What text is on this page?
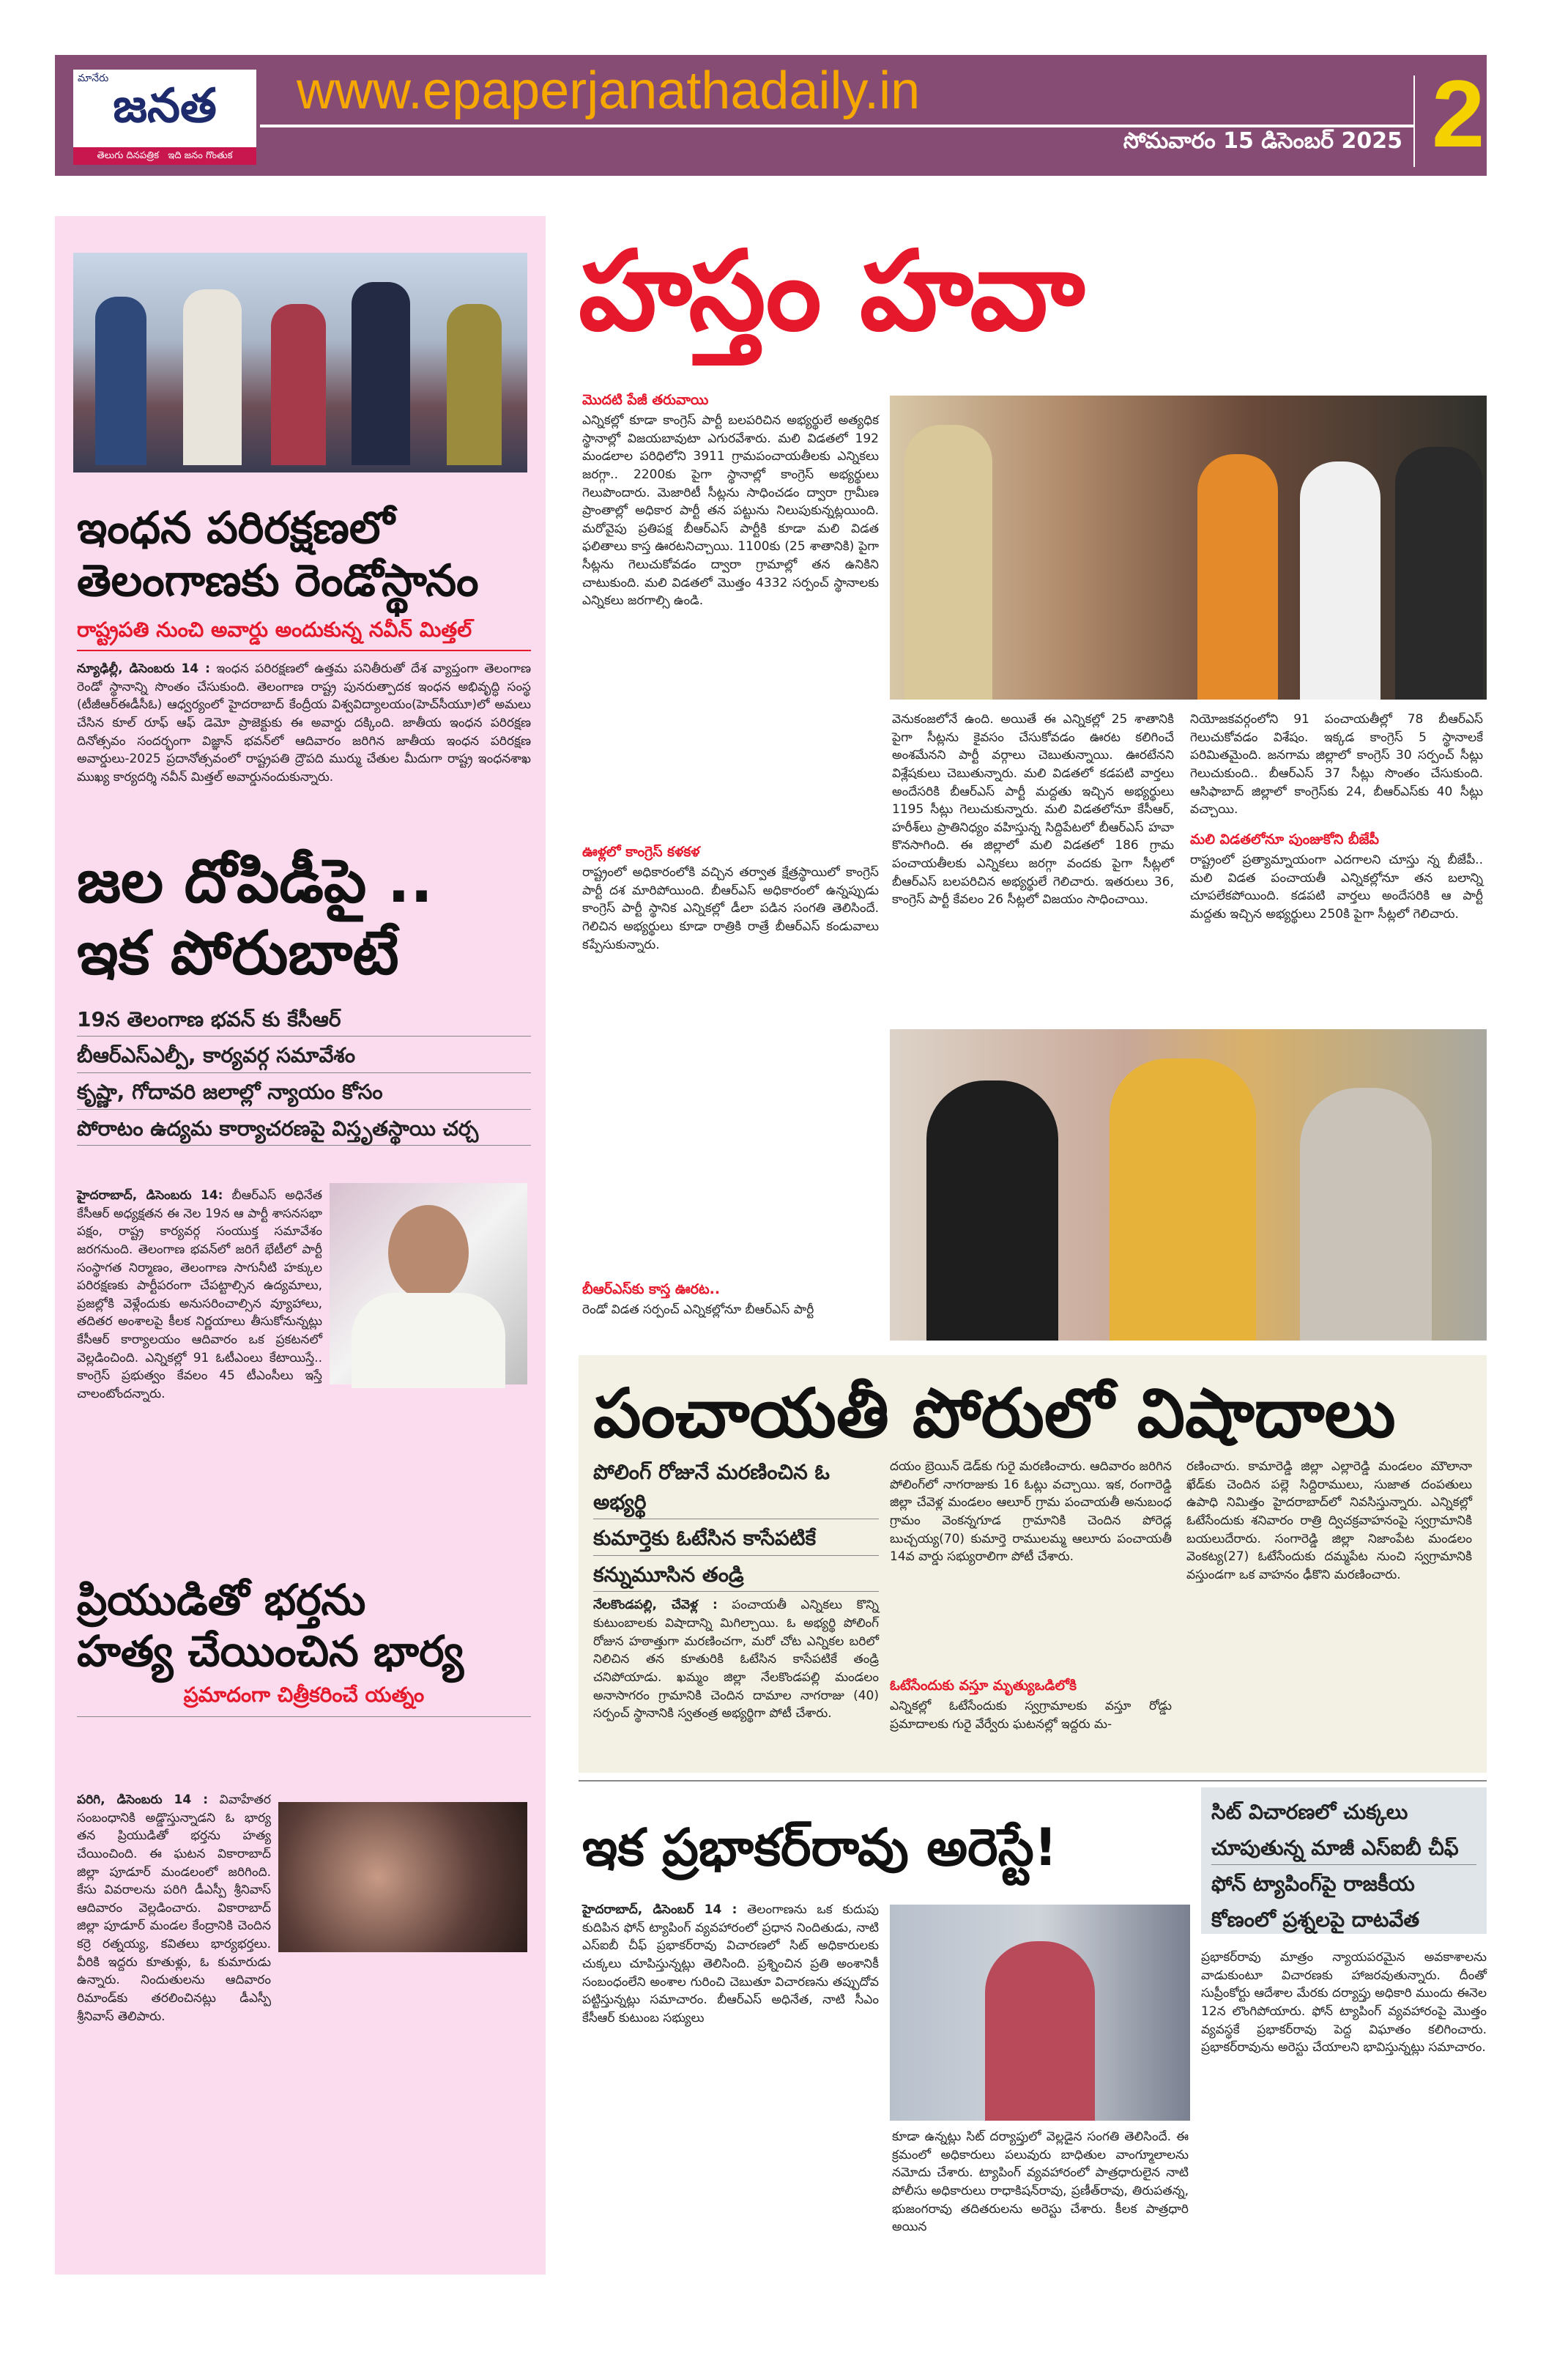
మానేరు
జనత
తెలుగు దినపత్రిక ఇది జనం గొంతుక
www.epaperjanathadaily.in
సోమవారం 15 డిసెంబర్ 2025 2
ఇంధన పరిరక్షణలో
తెలంగాణకు రెండోస్థానం
రాష్ట్రపతి నుంచి అవార్డు అందుకున్న నవీన్ మిత్తల్
న్యూఢిల్లీ, డిసెంబరు 14 : ఇంధన పరిరక్షణలో ఉత్తమ పనితీరుతో దేశ వ్యాప్తంగా తెలంగాణ రెండో స్థానాన్ని సొంతం చేసుకుంది. తెలంగాణ రాష్ట్ర పునరుత్పాదక ఇంధన అభివృద్ధి సంస్థ (టీజీఆర్ఈడీసీఓ) ఆధ్వర్యంలో హైదరాబాద్ కేంద్రీయ విశ్వవిద్యాలయం(హెచ్‌సీయూ)లో అమలు చేసిన కూల్ రూఫ్ ఆఫ్ డెమో ప్రాజెక్టుకు ఈ అవార్డు దక్కింది. జాతీయ ఇంధన పరిరక్షణ దినోత్సవం సందర్భంగా విజ్ఞాన్ భవన్‌లో ఆదివారం జరిగిన జాతీయ ఇంధన పరిరక్షణ అవార్డులు-2025 ప్రదానోత్సవంలో రాష్ట్రపతి ద్రౌపది ముర్ము చేతుల మీదుగా రాష్ట్ర ఇంధనశాఖ ముఖ్య కార్యదర్శి నవీన్ మిత్తల్ అవార్డునందుకున్నారు.
జల దోపిడీపై ..
ఇక పోరుబాటే
19న తెలంగాణ భవన్ కు కేసీఆర్
బీఆర్‌ఎస్‌ఎల్పీ, కార్యవర్గ సమావేశం
కృష్ణా, గోదావరి జలాల్లో న్యాయం కోసం
పోరాటం ఉద్యమ కార్యాచరణపై విస్తృతస్థాయి చర్చ
హైదరాబాద్, డిసెంబరు 14: బీఆర్‌ఎస్ అధినేత కేసీఆర్ అధ్యక్షతన ఈ నెల 19న ఆ పార్టీ శాసనసభా పక్షం, రాష్ట్ర కార్యవర్గ సంయుక్త సమావేశం జరగనుంది. తెలంగాణ భవన్‌లో జరిగే భేటీలో పార్టీ సంస్థాగత నిర్మాణం, తెలంగాణ సాగునీటి హక్కుల పరిరక్షణకు పార్టీపరంగా చేపట్టాల్సిన ఉద్యమాలు, ప్రజల్లోకి వెళ్లేందుకు అనుసరించాల్సిన వ్యూహాలు, తదితర అంశాలపై కీలక నిర్ణయాలు తీసుకోనున్నట్లు కేసీఆర్ కార్యాలయం ఆదివారం ఒక ప్రకటనలో వెల్లడించింది. ఎన్నికల్లో 91 ఓటీఎంలు కేటాయిస్తే.. కాంగ్రెస్ ప్రభుత్వం కేవలం 45 టీఎంసీలు ఇస్తే చాలంటోందన్నారు.
ప్రియుడితో భర్తను
హత్య చేయించిన భార్య
ప్రమాదంగా చిత్రీకరించే యత్నం
పరిగి, డిసెంబరు 14 : వివాహేతర సంబంధానికి అడ్డొస్తున్నాడని ఓ భార్య తన ప్రియుడితో భర్తను హత్య చేయించింది. ఈ ఘటన వికారాబాద్ జిల్లా పూడూర్ మండలంలో జరిగింది. కేసు వివరాలను పరిగి డీఎస్పీ శ్రీనివాస్ ఆదివారం వెల్లడించారు. వికారాబాద్ జిల్లా పూడూర్ మండల కేంద్రానికి చెందిన కర్రె రత్నయ్య, కవితలు భార్యభర్తలు. వీరికి ఇద్దరు కూతుళ్లు, ఓ కుమారుడు ఉన్నారు. నిందుతులను ఆదివారం రిమాండ్‌కు తరలించినట్లు డీఎస్పీ శ్రీనివాస్ తెలిపారు.
హస్తం హవా
మొదటి పేజీ తరువాయి
ఎన్నికల్లో కూడా కాంగ్రెస్ పార్టీ బలపరిచిన అభ్యర్థులే అత్యధిక స్థానాల్లో విజయబావుటా ఎగురవేశారు. మలి విడతలో 192 మండలాల పరిధిలోని 3911 గ్రామపంచాయతీలకు ఎన్నికలు జరగ్గా.. 2200కు పైగా స్థానాల్లో కాంగ్రెస్ అభ్యర్థులు గెలుపొందారు. మెజారిటీ సీట్లను సాధించడం ద్వారా గ్రామీణ ప్రాంతాల్లో అధికార పార్టీ తన పట్టును నిలుపుకున్నట్లయింది. మరోవైపు ప్రతిపక్ష బీఆర్‌ఎస్ పార్టీకి కూడా మలి విడత ఫలితాలు కాస్త ఊరటనిచ్చాయి. 1100కు (25 శాతానికి) పైగా సీట్లను గెలుచుకోవడం ద్వారా గ్రామాల్లో తన ఉనికిని చాటుకుంది. మలి విడతలో మొత్తం 4332 సర్పంచ్ స్థానాలకు ఎన్నికలు జరగాల్సి ఉండి.
ఊళ్లలో కాంగ్రెస్ కళకళ
రాష్ట్రంలో అధికారంలోకి వచ్చిన తర్వాత క్షేత్రస్థాయిలో కాంగ్రెస్ పార్టీ దశ మారిపోయింది. బీఆర్‌ఎస్ అధికారంలో ఉన్నప్పుడు కాంగ్రెస్ పార్టీ స్థానిక ఎన్నికల్లో డీలా పడిన సంగతి తెలిసిందే. గెలిచిన అభ్యర్థులు కూడా రాత్రికి రాత్రే బీఆర్‌ఎస్ కండువాలు కప్పేసుకున్నారు.
బీఆర్‌ఎస్‌కు కాస్త ఊరట..
రెండో విడత సర్పంచ్ ఎన్నికల్లోనూ బీఆర్‌ఎస్ పార్టీ
వెనుకంజలోనే ఉంది. అయితే ఈ ఎన్నికల్లో 25 శాతానికి పైగా సీట్లను కైవసం చేసుకోవడం ఊరట కలిగించే అంశమేనని పార్టీ వర్గాలు చెబుతున్నాయి. ఊరటేనని విశ్లేషకులు చెబుతున్నారు. మలి విడతలో కడపటి వార్తలు అందేసరికి బీఆర్‌ఎస్ పార్టీ మద్దతు ఇచ్చిన అభ్యర్థులు 1195 సీట్లు గెలుచుకున్నారు. మలి విడతలోనూ కేసీఆర్, హరీశ్‌లు ప్రాతినిధ్యం వహిస్తున్న సిద్దిపేటలో బీఆర్‌ఎస్ హవా కొనసాగింది. ఈ జిల్లాలో మలి విడతలో 186 గ్రామ పంచాయతీలకు ఎన్నికలు జరగ్గా వందకు పైగా సీట్లలో బీఆర్‌ఎస్ బలపరిచిన అభ్యర్థులే గెలిచారు. ఇతరులు 36, కాంగ్రెస్ పార్టీ కేవలం 26 సీట్లలో విజయం సాధించాయి.
నియోజకవర్గంలోని 91 పంచాయతీల్లో 78 బీఆర్‌ఎస్ గెలుచుకోవడం విశేషం. ఇక్కడ కాంగ్రెస్ 5 స్థానాలకే పరిమితమైంది. జనగామ జిల్లాలో కాంగ్రెస్ 30 సర్పంచ్ సీట్లు గెలుచుకుంది.. బీఆర్‌ఎస్ 37 సీట్లు సొంతం చేసుకుంది. ఆసిఫాబాద్ జిల్లాలో కాంగ్రెస్‌కు 24, బీఆర్‌ఎస్‌కు 40 సీట్లు వచ్చాయి.
మలి విడతలోనూ పుంజుకోని బీజేపీ
రాష్ట్రంలో ప్రత్యామ్నాయంగా ఎదగాలని చూస్తు న్న బీజేపీ.. మలి విడత పంచాయతీ ఎన్నికల్లోనూ తన బలాన్ని చూపలేకపోయింది. కడపటి వార్తలు అందేసరికి ఆ పార్టీ మద్దతు ఇచ్చిన అభ్యర్థులు 250కి పైగా సీట్లలో గెలిచారు.
పంచాయతీ పోరులో విషాదాలు
పోలింగ్ రోజునే మరణించిన ఓ అభ్యర్థి
కుమార్తెకు ఓటేసిన కాసేపటికే
కన్నుమూసిన తండ్రి
నేలకొండపల్లి, చేవెళ్ల : పంచాయతీ ఎన్నికలు కొన్ని కుటుంబాలకు విషాదాన్ని మిగిల్చాయి. ఓ అభ్యర్థి పోలింగ్ రోజున హఠాత్తుగా మరణించగా, మరో చోట ఎన్నికల బరిలో నిలిచిన తన కూతురికి ఓటేసిన కాసేపటికే తండ్రి చనిపోయాడు. ఖమ్మం జిల్లా నేలకొండపల్లి మండలం అనాసాగరం గ్రామానికి చెందిన దామాల నాగరాజు (40) సర్పంచ్ స్థానానికి స్వతంత్ర అభ్యర్థిగా పోటీ చేశారు.
దయం బ్రెయిన్ డెడ్‌కు గురై మరణించారు. ఆదివారం జరిగిన పోలింగ్‌లో నాగరాజుకు 16 ఓట్లు వచ్చాయి. ఇక, రంగారెడ్డి జిల్లా చేవెళ్ల మండలం ఆలూర్ గ్రామ పంచాయతీ అనుబంధ గ్రామం వెంకన్నగూడ గ్రామానికి చెందిన పోరెడ్ల బుచ్చయ్య(70) కుమార్తె రాములమ్మ ఆలూరు పంచాయతీ 14వ వార్డు సభ్యురాలిగా పోటీ చేశారు.
ఓటేసేందుకు వస్తూ మృత్యుఒడిలోకి
ఎన్నికల్లో ఓటేసేందుకు స్వగ్రామాలకు వస్తూ రోడ్డు ప్రమాదాలకు గురై వేర్వేరు ఘటనల్లో ఇద్దరు మ-
రణించారు. కామారెడ్డి జిల్లా ఎల్లారెడ్డి మండలం మౌలానా ఖేడ్‌కు చెందిన పల్లె సిద్దిరాములు, సుజాత దంపతులు ఉపాధి నిమిత్తం హైదరాబాద్‌లో నివసిస్తున్నారు. ఎన్నికల్లో ఓటేసేందుకు శనివారం రాత్రి ద్విచక్రవాహనంపై స్వగ్రామానికి బయలుదేరారు. సంగారెడ్డి జిల్లా నిజాంపేట మండలం వెంకట్య(27) ఓటేసేందుకు దమ్మపేట నుంచి స్వగ్రామానికి వస్తుండగా ఒక వాహనం ఢీకొని మరణించారు.
ఇక ప్రభాకర్‌రావు అరెస్టే!
సిట్ విచారణలో చుక్కలు
చూపుతున్న మాజీ ఎస్ఐబీ చీఫ్
ఫోన్ ట్యాపింగ్‌పై రాజకీయ
కోణంలో ప్రశ్నలపై దాటవేత
హైదరాబాద్, డిసెంబర్ 14 : తెలంగాణను ఒక కుదుపు కుదిపిన ఫోన్ ట్యాపింగ్ వ్యవహారంలో ప్రధాన నిందితుడు, నాటి ఎస్ఐబీ చీఫ్ ప్రభాకర్‌రావు విచారణలో సిట్ అధికారులకు చుక్కలు చూపిస్తున్నట్లు తెలిసింది. ప్రశ్నించిన ప్రతి అంశానికీ సంబంధంలేని అంశాల గురించి చెబుతూ విచారణను తప్పుదోవ పట్టిస్తున్నట్లు సమాచారం. బీఆర్‌ఎస్ అధినేత, నాటి సీఎం కేసీఆర్ కుటుంబ సభ్యులు
కూడా ఉన్నట్లు సిట్ దర్యాప్తులో వెల్లడైన సంగతి తెలిసిందే. ఈ క్రమంలో అధికారులు పలువురు బాధితుల వాంగ్మూలాలను నమోదు చేశారు. ట్యాపింగ్ వ్యవహారంలో పాత్రధారులైన నాటి పోలీసు అధికారులు రాధాకిషన్‌రావు, ప్రణీత్‌రావు, తిరుపతన్న, భుజంగరావు తదితరులను అరెస్టు చేశారు. కీలక పాత్రధారి అయిన
ప్రభాకర్‌రావు మాత్రం న్యాయపరమైన అవకాశాలను వాడుకుంటూ విచారణకు హాజరవుతున్నారు. దీంతో సుప్రీంకోర్టు ఆదేశాల మేరకు దర్యాప్తు అధికారి ముందు ఈనెల 12న లొంగిపోయారు. ఫోన్ ట్యాపింగ్ వ్యవహారంపై మొత్తం వ్యవస్థకే ప్రభాకర్‌రావు పెద్ద విఘాతం కలిగించారు. ప్రభాకర్‌రావును అరెస్టు చేయాలని భావిస్తున్నట్లు సమాచారం.
